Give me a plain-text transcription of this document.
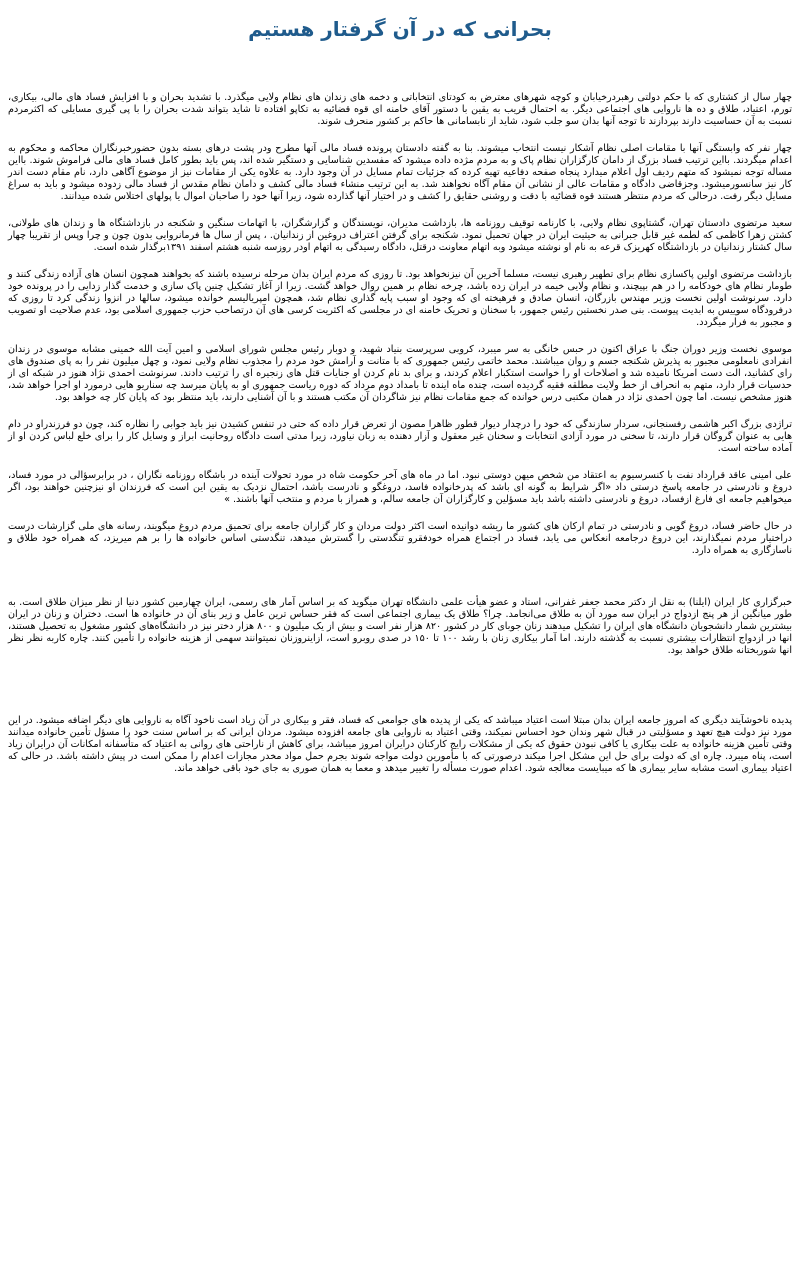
بحرانی که در آن گرفتار هستیم

چهار سال از کشتاری که با حکم دولتی رهبردرخیابان و کوچه شهرهای معترض به کودتای انتخاباتی و دخمه های زندان های نظام ولایی میگذرد. با تشدید بحران و با افزایش فساد های مالی، بیکاری، تورم، اعتیاد، طلاق و ده ها ناروایی های اجتماعی دیگر. به احتمال قریب به یقین با دستور آقای خامنه ای قوه قضائیه به تکاپو افتاده تا شاید بتواند شدت بحران را با پی گیری مسایلی که اکثرمردم نسبت به آن حساسیت دارند بپردازند تا توجه آنها بدان سو جلب شود، شاید از نابسامانی ها حاکم بر کشور منحرف شوند.

چهار نفر که وابستگی آنها با مقامات اصلی نظام آشکار نیست انتخاب میشوند. بنا به گفته دادستان پرونده فساد مالی آنها مطرح ودر پشت درهای بسته بدون حضورخبرنگاران محاکمه و محکوم به اعدام میگردند. بااین ترتیب فساد بزرگ از دامان کارگزاران نظام پاک و به مردم مژده داده میشود که مفسدین شناسایی و دستگیر شده اند، پس باید بطور کامل فساد های مالی فراموش شوند. بااین مساله توجه نمیشود که متهم ردیف اول اعلام میدارد پنجاه صفحه دفاعیه تهیه کرده که جزئیات تمام مسایل در آن وجود دارد. به علاوه یکی از مقامات نیز از موضوع آگاهی دارد، نام مقام دست اندر کار نیز سانسورمیشود. وجزقاضی دادگاه و مقامات عالی از نشانی آن مقام آگاه نخواهند شد. به این ترتیب منشاء فساد مالی کشف و دامان نظام مقدس از فساد مالی زدوده میشود و باید به سراغ مسایل دیگر رفت. درحالی که مردم منتظر هستند قوه قضائیه با دقت و روشنی حقایق را کشف و در اختیار آنها گذارده شود، زیرا آنها خود را صاحبان اموال یا پولهای اختلاس شده میدانند.

سعید مرتضوی دادستان تهران، گشتاپوی نظام ولایی، با کارنامه توقیف روزنامه ها، بازداشت مدیران، نویسندگان و گزارشگران، با اتهامات سنگین و شکنجه در بازداشتگاه ها و زندان های طولانی، کشتن زهرا کاظمی که لطمه غیر قابل جبرانی به حیثیت ایران در جهان تحمیل نمود. شکنجه برای گرفتن اعتراف دروغین از زندانیان. ، پس از سال ها فرمانروایی بدون چون و چرا وپس از تقریبا چهار سال کشتار زندانیان در بازداشتگاه کهریزک قرعه به نام او نوشته میشود وبه اتهام معاونت درقتل، دادگاه رسیدگی به اتهام اودر روزسه شنبه هشتم اسفند ۱۳۹۱برگذار شده است.

بازداشت مرتضوی اولین پاکسازی نظام برای تطهیر رهبری نیست، مسلما آخرین آن نیزنخواهد بود. تا روزی که مردم ایران بدان مرحله نرسیده باشند که بخواهند همچون انسان های آزاده زندگی کنند و طومار نظام های خودکامه را در هم بپیچند، و نظام ولایی خیمه در ایران زده باشد، چرخه نظام بر همین روال خواهد گشت. زیرا از آغاز تشکیل چنین پاک سازی و خدمت گذار زدایی را در پرونده خود دارد. سرنوشت اولین نخست وزیر مهندس بازرگان، انسان صادق و فرهیخته ای که وجود او سبب پایه گذاری نظام شد، همچون امپریالیسم خوانده میشود، سالها در انزوا زندگی کرد تا روزی که درفرودگاه سوییس به ابدیت پیوست. بنی صدر نخستین رئیس جمهور، با سخنان و تحریک خامنه ای در مجلسی که اکثریت کرسی های آن درتصاحب حزب جمهوری اسلامی بود، عدم صلاحیت او تصویب و مجبور به فرار میگردد.

موسوی نخست وزیر دوران جنگ با عراق اکنون در حبس خانگی به سر میبرد، کروبی سرپرست بنیاد شهید، و دوبار رئیس مجلس شورای اسلامی و امین آیت الله خمینی مشابه موسوی در زندان انفرادی نامعلومی مجبور به پذیرش شکنجه جسم و روان میباشند. محمد خاتمی رئیس جمهوری که با متانت و آرامش خود مردم را مجذوب نظام ولایی نمود، و چهل میلیون نفر را به پای صندوق های رای کشانید، الت دست امریکا نامیده شد و اصلاحات او را خواست استکبار اعلام کردند، و برای بد نام کردن او جنایات قتل های زنجیره ای را ترتیب دادند. سرنوشت احمدی نژاد هنوز در شبکه ای از حدسیات قرار دارد، متهم به انحراف از خط ولایت مطلقه فقیه گردیده است، چنده ماه اینده تا بامداد دوم مرداد که دوره ریاست جمهوری او به پایان میرسد چه سناریو هایی درمورد او اجرا خواهد شد، هنوز مشخص نیست. اما چون احمدی نژاد در همان مکتبی درس خوانده که جمع مقامات نظام نیز شاگردان آن مکتب هستند و با آن آشنایی دارند، باید منتظر بود که پایان کار چه خواهد بود.

تراژدی بزرگ اکبر هاشمی رفسنجانی، سردار سازندگی که خود را درچدار دیوار قطور ظاهرا مصون از تعرض قرار داده که حتی در تنفس کشیدن نیز باید جوابی را نظاره کند، چون دو فرزندراو در دام هایی به عنوان گروگان قرار دارند، تا سخنی در مورد آزادی انتخابات و سخنان غیر معقول و آزار دهنده به زبان نیاورد، زیرا مدتی است دادگاه روحانیت ابراز و وسایل کار را برای خلع لباس کردن او از آماده ساخته است.

علی امینی عاقد قرارداد نفت با کنسرسیوم به اعتقاد من شخص میهن دوستی نبود. اما در ماه های آخر حکومت شاه در مورد تحولات آینده در باشگاه روزنامه نگاران ، در برابرسؤالی در مورد فساد، دروغ و نادرستی در جامعه پاسخ درستی داد «اگر شرایط به گونه ای باشد که پدرخانواده فاسد، دروغگو و نادرست باشد، احتمال نزدیک به یقین این است که فرزندان او نیزچنین خواهند بود، اگر میخواهیم جامعه ای فارغ ازفساد، دروغ و نادرستی داشته باشد باید مسؤلین و کارگزاران آن جامعه سالم، و همراز با مردم و منتخب آنها باشند. »

در حال حاضر فساد، دروغ گویی و نادرستی در تمام ارکان های کشور ما ریشه دوانیده است اکثر دولت مردان و کار گزاران جامعه برای تحمیق مردم دروغ میگویند، رسانه های ملی گزارشات درست دراختیار مردم نمیگذارند، این دروغ درجامعه انعکاس می یابد، فساد در اجتماع همراه خودفقرو تنگدستی را گسترش میدهد، تنگدستی اساس خانواده ها را بر هم میریزد، که همراه خود طلاق و ناسازگاری به همراه دارد.

خبرگزاری کار ایران (ایلنا) به نقل از دکتر محمد جعفر غفرانی، استاد و عضو هیأت علمی دانشگاه تهران میگوید که بر اساس آمار های رسمی، ایران چهارمین کشور دنیا از نظر میزان طلاق است. به طور میانگین از هر پنج ازدواج در ایران سه مورد آن به طلاق می‌انجامد. چرا؟ طلاق یک بیماری اجتماعی است که فقر حساس ترین عامل و زیر بنای آن در خانواده ها است. دختران و زنان در ایران بیشترین شمار دانشجویان دانشگاه های ایران را تشکیل میدهند زنان جوبای کار در کشور ۸۲۰ هزار نفر است و بیش از یک میلیون و ۸۰۰ هزار دختر نیز در دانشگاه‌های کشور مشغول به تحصیل هستند، انها در ازدواج انتظارات بیشتری نسبت به گذشته دارند. اما آمار بیکاری زنان با رشد ۱۰۰ تا ۱۵۰ در صدی روبرو است، ازاینروزنان نمیتوانند سهمی از هزینه خانواده را تأمین کنند. چاره کاربه نظر نظر انها شوربختانه طلاق خواهد بود.

پدیده ناخوشآیند دیگری که امروز جامعه ایران بدان مبتلا است اعتیاد میباشد که یکی از پدیده های جوامعی که فساد، فقر و بیکاری در آن زیاد است ناخود آگاه به ناروایی های دیگر اضافه میشود. در این مورد نیز دولت هیچ تعهد و مسؤلیتی در قبال شهر وندان خود احساس نمیکند، وقتی اعتیاد به ناروایی های جامعه افزوده میشود. مردان ایرانی که بر اساس سنت خود را مسؤل تأمین خانواده میدانند وقتی تأمین هزینه خانواده به علت بیکاری یا کافی نبودن حقوق که یکی از مشکلات رایج کارکنان درایران امروز میباشد، برای کاهش از ناراحتی های روانی به اعتیاد که متأسفانه امکانات آن درایران زیاد است، پناه میبرد. چاره ای که دولت برای حل این مشکل اجرا میکند درصورتی که با مأمورین دولت مواجه شوند بجرم حمل مواد مخدر مجازات اعدام را ممکن است در پیش داشته باشد. در حالی که اعتیاد بیماری است مشابه سایر بیماری ها که میبایست معالجه شود. اعدام صورت مسأله را تغییر میدهد و معما به همان صوری به جای خود باقی خواهد ماند.
